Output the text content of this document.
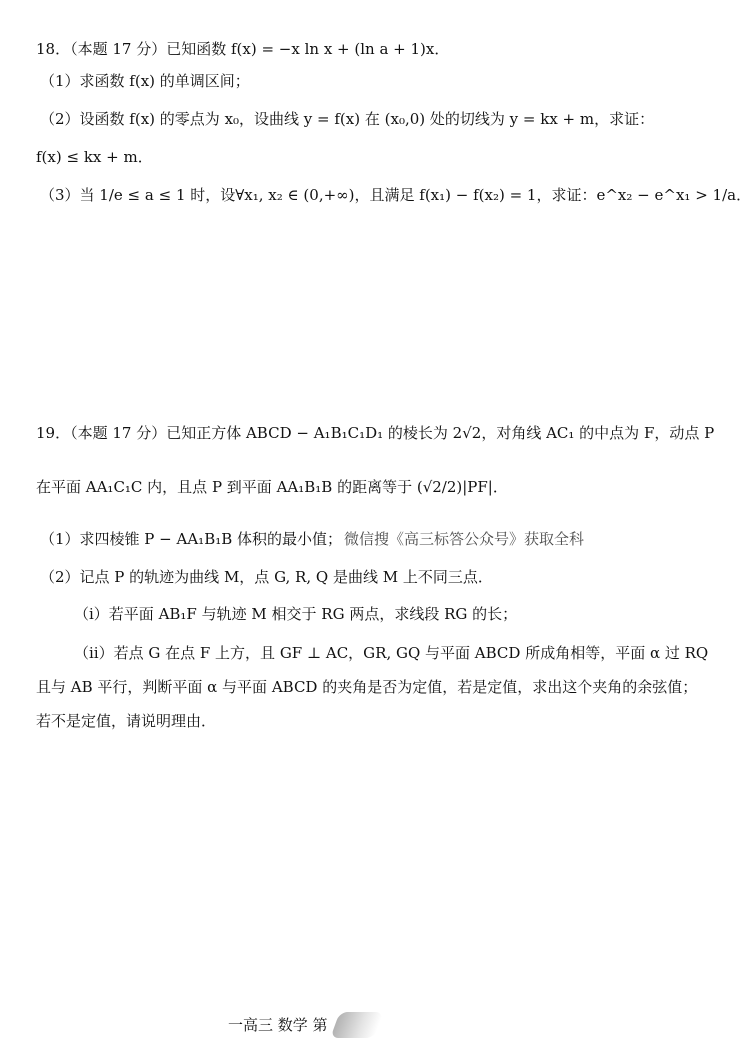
18．（本题 17 分）已知函数 f(x) = −x ln x + (ln a + 1)x．
（1）求函数 f(x) 的单调区间；
（2）设函数 f(x) 的零点为 x₀，设曲线 y = f(x) 在 (x₀,0) 处的切线为 y = kx + m，求证：
f(x) ≤ kx + m．
（3）当 1/e ≤ a ≤ 1 时，设∀x₁, x₂ ∈ (0,+∞)，且满足 f(x₁) − f(x₂) = 1，求证：e^x₂ − e^x₁ > 1/a．
19．（本题 17 分）已知正方体 ABCD − A₁B₁C₁D₁ 的棱长为 2√2，对角线 AC₁ 的中点为 F，动点 P
在平面 AA₁C₁C 内，且点 P 到平面 AA₁B₁B 的距离等于 (√2/2)|PF|．
（1）求四棱锥 P − AA₁B₁B 体积的最小值； 微信搜《高三标答公众号》获取全科
（2）记点 P 的轨迹为曲线 M，点 G, R, Q 是曲线 M 上不同三点．
（ⅰ）若平面 AB₁F 与轨迹 M 相交于 RG 两点，求线段 RG 的长；
（ⅱ）若点 G 在点 F 上方，且 GF ⊥ AC，GR, GQ 与平面 ABCD 所成角相等，平面 α 过 RQ
且与 AB 平行，判断平面 α 与平面 ABCD 的夹角是否为定值，若是定值，求出这个夹角的余弦值；
若不是定值，请说明理由．
一高三 数学 第
